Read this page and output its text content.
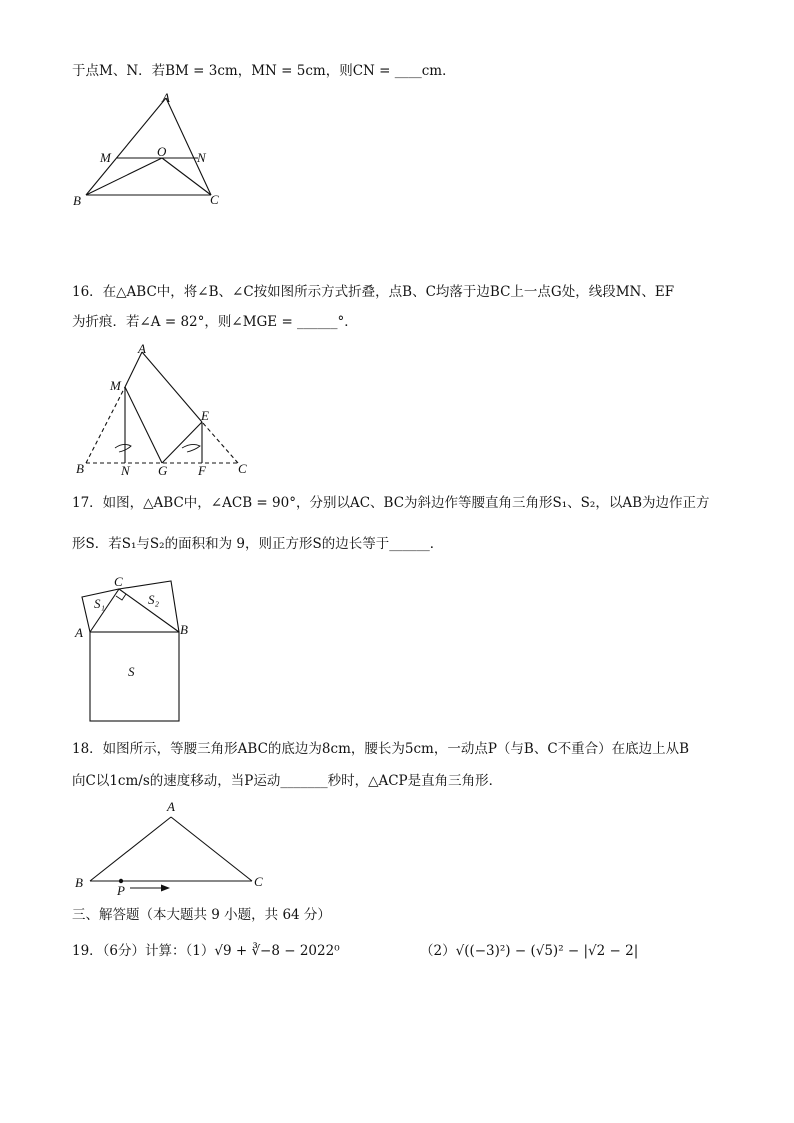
于点M、N．若BM = 3cm，MN = 5cm，则CN = ____cm．
A
M	O N
B	C
16．在△ABC中，将∠B、∠C按如图所示方式折叠，点B、C均落于边BC上一点G处，线段MN、EF
为折痕．若∠A = 82°，则∠MGE = ______°．
A
M
E
B	N G F C
17．如图，△ABC中，∠ACB = 90°，分别以AC、BC为斜边作等腰直角三角形S₁、S₂，以AB为边作正方
形S．若S₁与S₂的面积和为 9，则正方形S的边长等于______．
C
S₁	S₂
A	B
S
18．如图所示，等腰三角形ABC的底边为8cm，腰长为5cm，一动点P（与B、C不重合）在底边上从B
向C以1cm/s的速度移动，当P运动_______秒时，△ACP是直角三角形．
A
B
P
C
三、解答题（本大题共 9 小题，共 64 分）
19．（6分）计算：（1）√9 + ∛−8 − 2022⁰	（2）√((−3)²) − (√5)² − |√2 − 2|
